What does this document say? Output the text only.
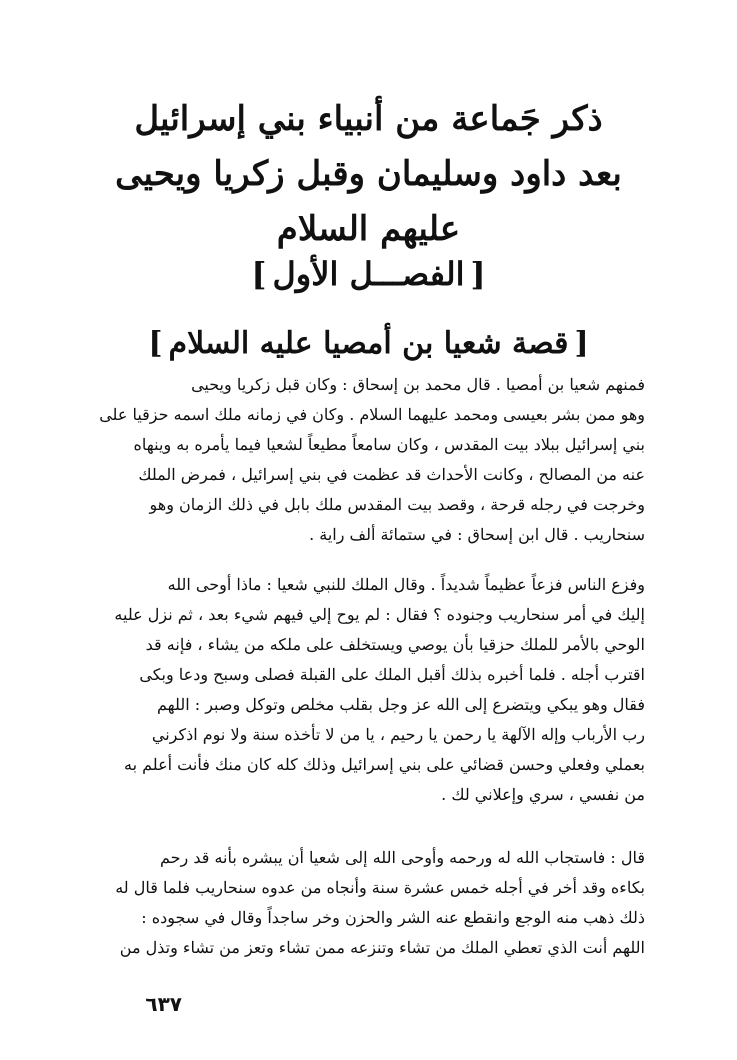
ذكر جَماعة من أنبياء بني إسرائيل
بعد داود وسليمان وقبل زكريا ويحيى
عليهم السلام
[الفصـــل الأول]
[قصة شعيا بن أمصيا عليه السلام]

فمنهم شعيا بن أمصيا . قال محمد بن إسحاق : وكان قبل زكريا ويحيى
وهو ممن بشر بعيسى ومحمد عليهما السلام . وكان في زمانه ملك اسمه حزقيا على
بني إسرائيل ببلاد بيت المقدس ، وكان سامعاً مطيعاً لشعيا فيما يأمره به وينهاه
عنه من المصالح ، وكانت الأحداث قد عظمت في بني إسرائيل ، فمرض الملك
وخرجت في رجله قرحة ، وقصد بيت المقدس ملك بابل في ذلك الزمان وهو
سنحاريب . قال ابن إسحاق : في ستمائة ألف راية .

وفزع الناس فزعاً عظيماً شديداً . وقال الملك للنبي شعيا : ماذا أوحى الله
إليك في أمر سنحاريب وجنوده ؟ فقال : لم يوح إلي فيهم شيء بعد ، ثم نزل عليه
الوحي بالأمر للملك حزقيا بأن يوصي ويستخلف على ملكه من يشاء ، فإنه قد
اقترب أجله . فلما أخبره بذلك أقبل الملك على القبلة فصلى وسبح ودعا وبكى
فقال وهو يبكي ويتضرع إلى الله عز وجل بقلب مخلص وتوكل وصبر : اللهم
رب الأرباب وإله الآلهة يا رحمن يا رحيم ، يا من لا تأخذه سنة ولا نوم اذكرني
بعملي وفعلي وحسن قضائي على بني إسرائيل وذلك كله كان منك فأنت أعلم به
من نفسي ، سري وإعلاني لك .

قال : فاستجاب الله له ورحمه وأوحى الله إلى شعيا أن يبشره بأنه قد رحم
بكاءه وقد أخر في أجله خمس عشرة سنة وأنجاه من عدوه سنحاريب فلما قال له
ذلك ذهب منه الوجع وانقطع عنه الشر والحزن وخر ساجداً وقال في سجوده :
اللهم أنت الذي تعطي الملك من تشاء وتنزعه ممن تشاء وتعز من تشاء وتذل من

٦٣٧
